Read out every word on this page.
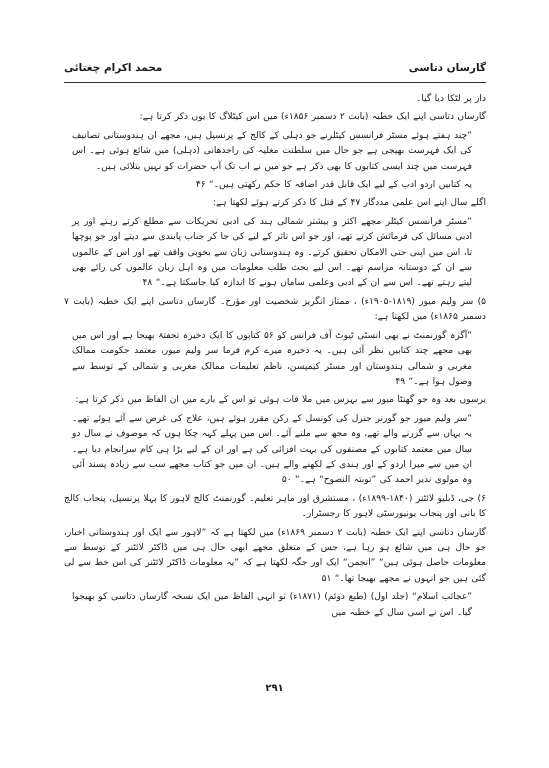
محمد اکرام چغتائی	گارساں دتاسی

دار پر لٹکا دیا گیا۔

گارساں دتاسی اپنے ایک خطبہ (بابت ۲ دسمبر ۱۸۵۶ء) میں اس کیٹلاگ کا یوں ذکر کرتا ہے:

”چند ہفتے ہوئے مسٹر فرانسس کیٹلرنے جو دہلی کے کالج کے پرنسپل ہیں، مجھے ان ہندوستانی تصانیف کی ایک فہرست بھیجی ہے جو حال میں سلطنت مغلیہ کی راجدھانی (دہلی) میں شائع ہوئی ہے۔ اس فہرست میں چند ایسی کتابوں کا بھی ذکر ہے جو میں نے اب تک آپ حضرات کو نہیں بتلائی ہیں۔

یہ کتابیں اردو ادب کے لیے ایک قابل قدر اضافہ کا حکم رکھتی ہیں۔“ ۴۶

اگلے سال اپنے اس علمی مددگار ۴۷ کے قتل کا ذکر کرتے ہوئے لکھتا ہے:

”مسٹر فرانسس کیٹلر مجھے اکثر و بیشتر شمالی ہند کی ادبی تحریکات سے مطلع کرتے رہتے اور پر ادبی مسائل کی فرمائش کرتے تھے، اور جو اس تاثر کے لیے کی جا کر جناب پابندی سے دیتے اور جو پوچھا تا، اس میں اپنی حتی الامکان تحقیق کرتے۔ وہ ہندوستانی زبان سے بخوبی واقف تھے اور اس کے عالموں سے ان کے دوستانہ مراسم تھے۔ اس لیے بحث طلب معلومات میں وہ اہل زبان عالموں کی رائے بھی لیتے رہتے تھے۔ اس سے ان کے ادبی وعلمی ساماں ہونے کا اندازہ کیا جاسکتا ہے۔“ ۴۸

۵) سر ولیم میور (۱۸۱۹-۱۹۰۵ء) ، ممتاز انگریز شخصیت اور مؤرخ۔ گارساں دتاسی اپنے ایک خطبہ (بابت ۷ دسمبر ۱۸۶۵ء) میں لکھتا ہے:

”آگرہ گورنمنٹ نے بھی انسٹی ٹیوٹ آف فرانس کو ۵۶ کتابوں کا ایک ذخیرہ تحفتہً بھیجا ہے اور اس میں بھی مجھے چند کتابیں نظر آئی ہیں۔ یہ ذخیرہ میرے کرم فرما سر ولیم میور، معتمد حکومت ممالک مغربی و شمالی ہندوستان اور مسٹر کیمپسن، ناظم تعلیمات ممالک مغربی و شمالی کے توسط سے وصول ہوا ہے۔“ ۴۹

برسوں بعد وہ جو گھنٹا میور سے بہرس میں ملا قات ہوئی تو اس کے بارے میں ان الفاظ میں ذکر کرتا ہے:

”سر ولیم میور جو گورنر جنرل کی کونسل کے رکن مقرر ہوئے ہیں، علاج کی غرض سے آئے ہوئے تھے۔ یہ یہاں سے گزرنے والے تھے، وہ مجھ سے ملنے آئے۔ اس میں پہلے کہہ چکا ہوں کہ موصوف نے سال دو سال میں معتمد کتابوں کے مصنفوں کی بہت افزائی کی ہے اور ان کے لیے بڑا ہی کام سرانجام دیا ہے۔ ان میں سے میرا اردو کے اور ہندی کے لکھنے والے ہیں۔ ان میں جو کتاب مجھے سب سے زیادہ پسند آئی وہ مولوی نذیر احمد کی ”توبتہ النصوح“ ہے۔“ ۵۰

۶) جی، ڈبلیو لائٹنر (۱۸۴۰-۱۸۹۹ء) ، مستشرق اور ماہر تعلیم۔ گورنمنٹ کالج لاہور کا پہلا پرنسپل، پنجاب کالج کا بانی اور پنجاب یونیورسٹی لاہور کا رجسٹرار۔

گارساں دتاسی اپنے ایک خطبہ (بابت ۲ دسمبر ۱۸۶۹ء) میں لکھتا ہے کہ ”لاہور سے ایک اور ہندوستانی اخبار، جو حال ہی میں شائع ہو رہا ہے، جس کے متعلق مجھے ابھی حال ہی میں ڈاکٹر لائٹنر کے توسط سے معلومات حاصل ہوئی ہیں“ ”انجمن“ ایک اور جگہ لکھتا ہے کہ ”یہ معلومات ڈاکٹر لائٹنر کی اس خط سے لی گئی ہیں جو انہوں نے مجھے بھیجا تھا۔“ ۵۱

”عجائب اسلام“ (جلد اول) (طبع دوئم) (۱۸۷۱ء) تو انہی الفاظ میں ایک نسخہ گارساں دتاسی کو بھیجوا گیا۔ اس نے اسی سال کے خطبہ میں

۲۹۱
